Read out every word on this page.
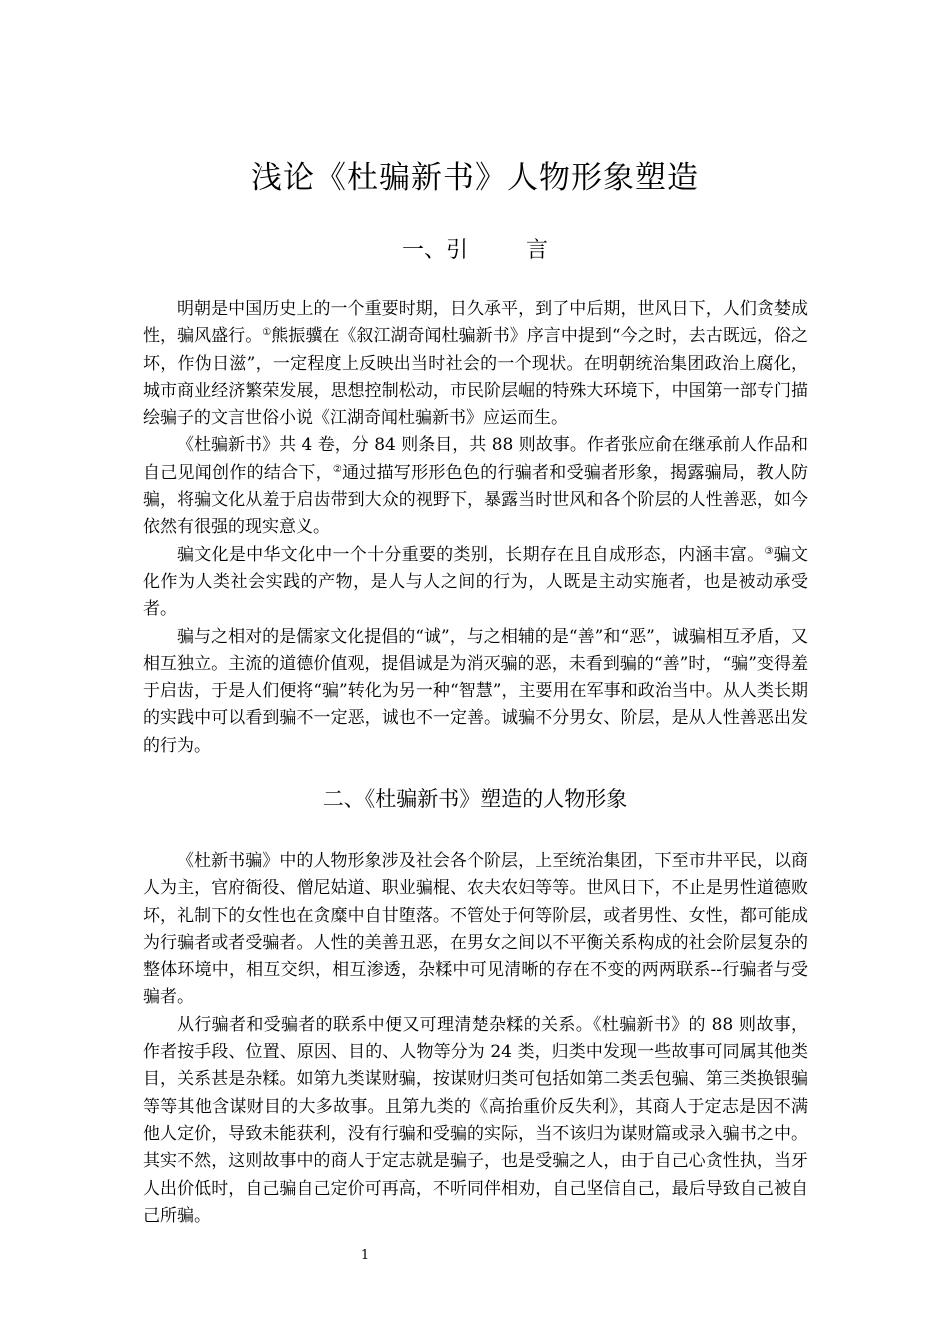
浅论《杜骗新书》人物形象塑造
一、引	言

明朝是中国历史上的一个重要时期，日久承平，到了中后期，世风日下，人们贪婪成性，骗风盛行。①熊振骥在《叙江湖奇闻杜骗新书》序言中提到“今之时，去古既远，俗之坏，作伪日滋”，一定程度上反映出当时社会的一个现状。在明朝统治集团政治上腐化，城市商业经济繁荣发展，思想控制松动，市民阶层崛的特殊大环境下，中国第一部专门描绘骗子的文言世俗小说《江湖奇闻杜骗新书》应运而生。

《杜骗新书》共 4 卷，分 84 则条目，共 88 则故事。作者张应俞在继承前人作品和自己见闻创作的结合下，②通过描写形形色色的行骗者和受骗者形象，揭露骗局，教人防骗，将骗文化从羞于启齿带到大众的视野下，暴露当时世风和各个阶层的人性善恶，如今依然有很强的现实意义。

骗文化是中华文化中一个十分重要的类别，长期存在且自成形态，内涵丰富。③骗文化作为人类社会实践的产物，是人与人之间的行为，人既是主动实施者，也是被动承受者。

骗与之相对的是儒家文化提倡的“诚”，与之相辅的是“善”和“恶”，诚骗相互矛盾，又相互独立。主流的道德价值观，提倡诚是为消灭骗的恶，未看到骗的“善”时，“骗”变得羞于启齿，于是人们便将“骗”转化为另一种“智慧”，主要用在军事和政治当中。从人类长期的实践中可以看到骗不一定恶，诚也不一定善。诚骗不分男女、阶层，是从人性善恶出发的行为。

二、《杜骗新书》塑造的人物形象

《杜新书骗》中的人物形象涉及社会各个阶层，上至统治集团，下至市井平民，以商人为主，官府衙役、僧尼姑道、职业骗棍、农夫农妇等等。世风日下，不止是男性道德败坏，礼制下的女性也在贪糜中自甘堕落。不管处于何等阶层，或者男性、女性，都可能成为行骗者或者受骗者。人性的美善丑恶，在男女之间以不平衡关系构成的社会阶层复杂的整体环境中，相互交织，相互渗透，杂糅中可见清晰的存在不变的两两联系--行骗者与受骗者。

从行骗者和受骗者的联系中便又可理清楚杂糅的关系。《杜骗新书》的 88 则故事，作者按手段、位置、原因、目的、人物等分为 24 类，归类中发现一些故事可同属其他类目，关系甚是杂糅。如第九类谋财骗，按谋财归类可包括如第二类丢包骗、第三类换银骗等等其他含谋财目的大多故事。且第九类的《高抬重价反失利》，其商人于定志是因不满他人定价，导致未能获利，没有行骗和受骗的实际，当不该归为谋财篇或录入骗书之中。其实不然，这则故事中的商人于定志就是骗子，也是受骗之人，由于自己心贪性执，当牙人出价低时，自己骗自己定价可再高，不听同伴相劝，自己坚信自己，最后导致自己被自己所骗。

1
